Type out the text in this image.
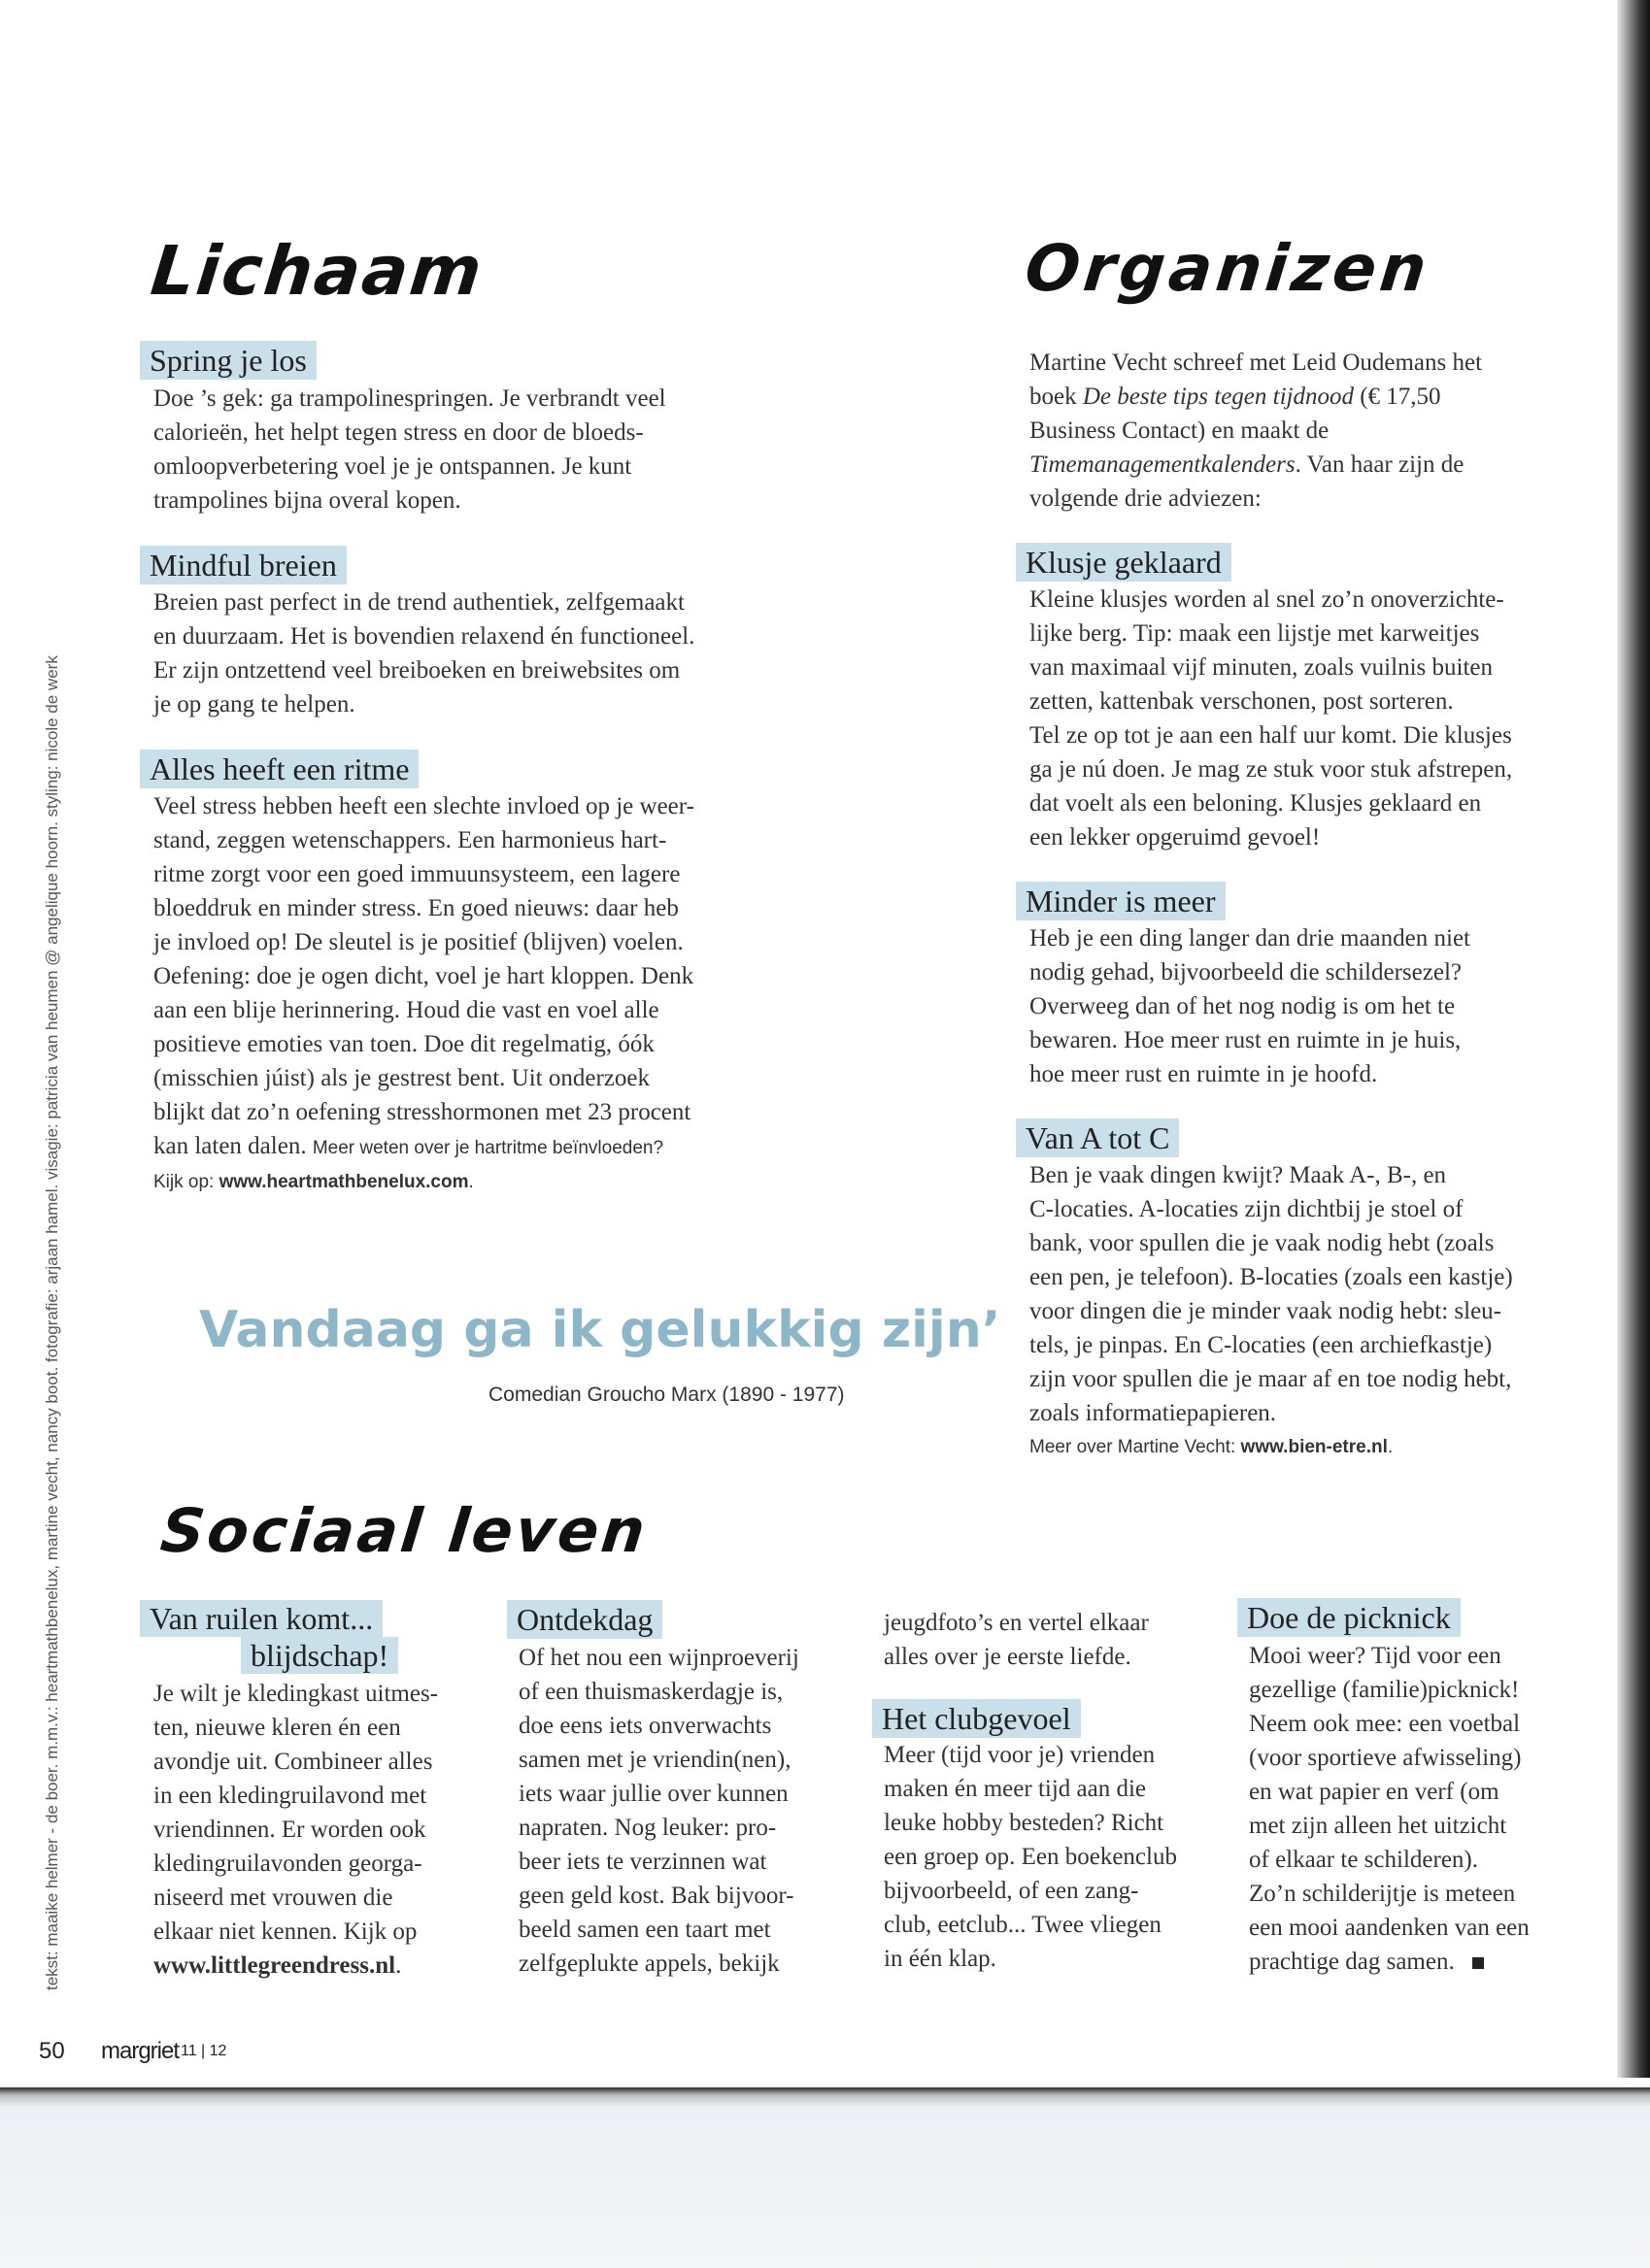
tekst: maaike helmer - de boer. m.m.v.: heartmathbenelux, martine vecht, nancy boot. fotografie: arjaan hamel. visagie: patricia van heumen @ angelique hoorn. styling: nicole de werk
Lichaam
Spring je los

Doe ’s gek: ga trampolinespringen. Je verbrandt veel

calorieën, het helpt tegen stress en door de bloeds-

omloopverbetering voel je je ontspannen. Je kunt

trampolines bijna overal kopen.

Mindful breien

Breien past perfect in de trend authentiek, zelfgemaakt

en duurzaam. Het is bovendien relaxend én functioneel.

Er zijn ontzettend veel breiboeken en breiwebsites om

je op gang te helpen.

Alles heeft een ritme

Veel stress hebben heeft een slechte invloed op je weer-

stand, zeggen wetenschappers. Een harmonieus hart-

ritme zorgt voor een goed immuunsysteem, een lagere

bloeddruk en minder stress. En goed nieuws: daar heb

je invloed op! De sleutel is je positief (blijven) voelen.

Oefening: doe je ogen dicht, voel je hart kloppen. Denk

aan een blije herinnering. Houd die vast en voel alle

positieve emoties van toen. Doe dit regelmatig, óók

(misschien júist) als je gestrest bent. Uit onderzoek

blijkt dat zo’n oefening stresshormonen met 23 procent

kan laten dalen. Meer weten over je hartritme beïnvloeden?

Kijk op: www.heartmathbenelux.com.

Vandaag ga ik gelukkig zijn’
Comedian Groucho Marx (1890 - 1977)
Organizen

Martine Vecht schreef met Leid Oudemans het

boek De beste tips tegen tijdnood (€ 17,50

Business Contact) en maakt de

Timemanagementkalenders. Van haar zijn de

volgende drie adviezen:

Klusje geklaard

Kleine klusjes worden al snel zo’n onoverzichte-

lijke berg. Tip: maak een lijstje met karweitjes

van maximaal vijf minuten, zoals vuilnis buiten

zetten, kattenbak verschonen, post sorteren.

Tel ze op tot je aan een half uur komt. Die klusjes

ga je nú doen. Je mag ze stuk voor stuk afstrepen,

dat voelt als een beloning. Klusjes geklaard en

een lekker opgeruimd gevoel!

Minder is meer

Heb je een ding langer dan drie maanden niet

nodig gehad, bijvoorbeeld die schildersezel?

Overweeg dan of het nog nodig is om het te

bewaren. Hoe meer rust en ruimte in je huis,

hoe meer rust en ruimte in je hoofd.

Van A tot C

Ben je vaak dingen kwijt? Maak A-, B-, en

C-locaties. A-locaties zijn dichtbij je stoel of

bank, voor spullen die je vaak nodig hebt (zoals

een pen, je telefoon). B-locaties (zoals een kastje)

voor dingen die je minder vaak nodig hebt: sleu-

tels, je pinpas. En C-locaties (een archiefkastje)

zijn voor spullen die je maar af en toe nodig hebt,

zoals informatiepapieren.

Meer over Martine Vecht: www.bien-etre.nl.

Sociaal leven
Van ruilen komt...
blijdschap!

Je wilt je kledingkast uitmes-

ten, nieuwe kleren én een

avondje uit. Combineer alles

in een kledingruilavond met

vriendinnen. Er worden ook

kledingruilavonden georga-

niseerd met vrouwen die

elkaar niet kennen. Kijk op

www.littlegreendress.nl.

Ontdekdag

Of het nou een wijnproeverij

of een thuismaskerdagje is,

doe eens iets onverwachts

samen met je vriendin(nen),

iets waar jullie over kunnen

napraten. Nog leuker: pro-

beer iets te verzinnen wat

geen geld kost. Bak bijvoor-

beeld samen een taart met

zelfgeplukte appels, bekijk

jeugdfoto’s en vertel elkaar

alles over je eerste liefde.

Het clubgevoel

Meer (tijd voor je) vrienden

maken én meer tijd aan die

leuke hobby besteden? Richt

een groep op. Een boekenclub

bijvoorbeeld, of een zang-

club, eetclub... Twee vliegen

in één klap.

Doe de picknick

Mooi weer? Tijd voor een

gezellige (familie)picknick!

Neem ook mee: een voetbal

(voor sportieve afwisseling)

en wat papier en verf (om

met zijn alleen het uitzicht

of elkaar te schilderen).

Zo’n schilderijtje is meteen

een mooi aandenken van een

prachtige dag samen.

50 margriet 11 | 12
